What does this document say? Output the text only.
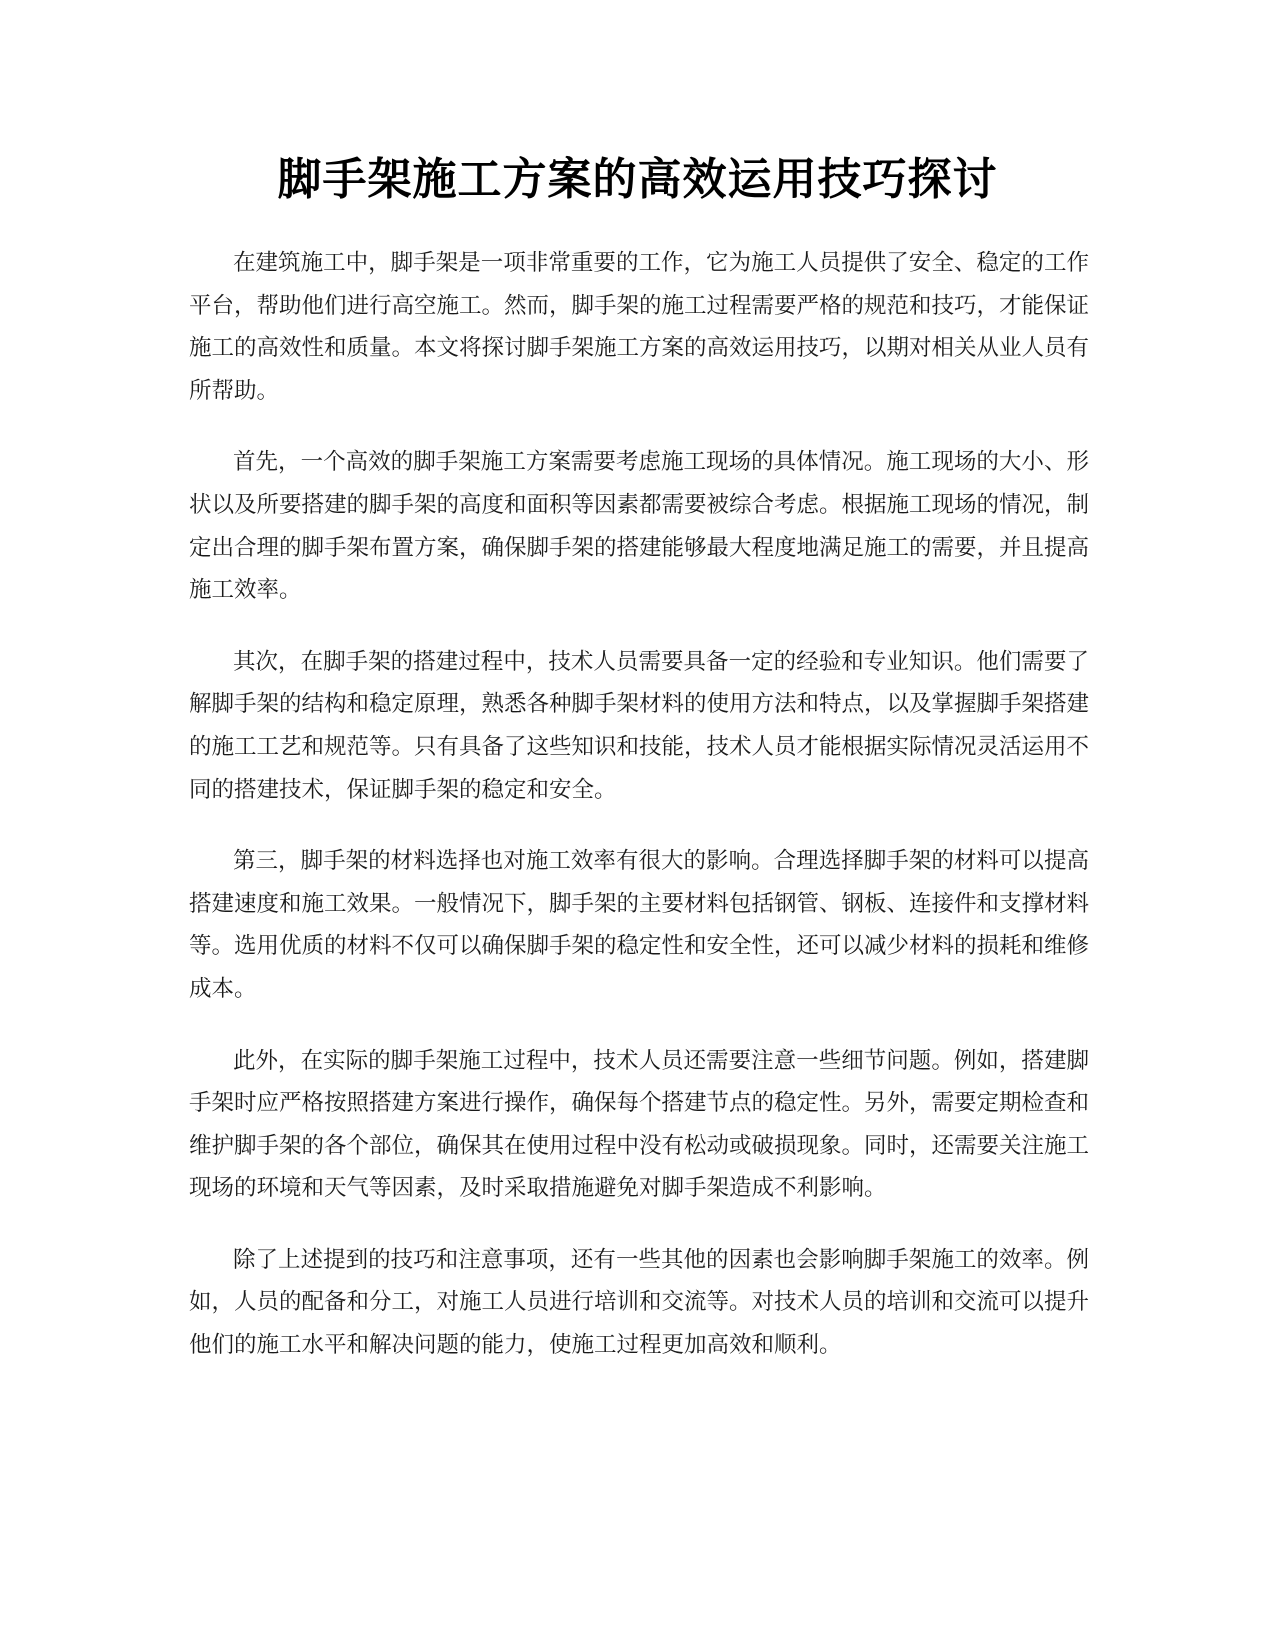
脚手架施工方案的高效运用技巧探讨

在建筑施工中，脚手架是一项非常重要的工作，它为施工人员提供了安全、稳定的工作平台，帮助他们进行高空施工。然而，脚手架的施工过程需要严格的规范和技巧，才能保证施工的高效性和质量。本文将探讨脚手架施工方案的高效运用技巧，以期对相关从业人员有所帮助。

首先，一个高效的脚手架施工方案需要考虑施工现场的具体情况。施工现场的大小、形状以及所要搭建的脚手架的高度和面积等因素都需要被综合考虑。根据施工现场的情况，制定出合理的脚手架布置方案，确保脚手架的搭建能够最大程度地满足施工的需要，并且提高施工效率。

其次，在脚手架的搭建过程中，技术人员需要具备一定的经验和专业知识。他们需要了解脚手架的结构和稳定原理，熟悉各种脚手架材料的使用方法和特点，以及掌握脚手架搭建的施工工艺和规范等。只有具备了这些知识和技能，技术人员才能根据实际情况灵活运用不同的搭建技术，保证脚手架的稳定和安全。

第三，脚手架的材料选择也对施工效率有很大的影响。合理选择脚手架的材料可以提高搭建速度和施工效果。一般情况下，脚手架的主要材料包括钢管、钢板、连接件和支撑材料等。选用优质的材料不仅可以确保脚手架的稳定性和安全性，还可以减少材料的损耗和维修成本。

此外，在实际的脚手架施工过程中，技术人员还需要注意一些细节问题。例如，搭建脚手架时应严格按照搭建方案进行操作，确保每个搭建节点的稳定性。另外，需要定期检查和维护脚手架的各个部位，确保其在使用过程中没有松动或破损现象。同时，还需要关注施工现场的环境和天气等因素，及时采取措施避免对脚手架造成不利影响。

除了上述提到的技巧和注意事项，还有一些其他的因素也会影响脚手架施工的效率。例如，人员的配备和分工，对施工人员进行培训和交流等。对技术人员的培训和交流可以提升他们的施工水平和解决问题的能力，使施工过程更加高效和顺利。
